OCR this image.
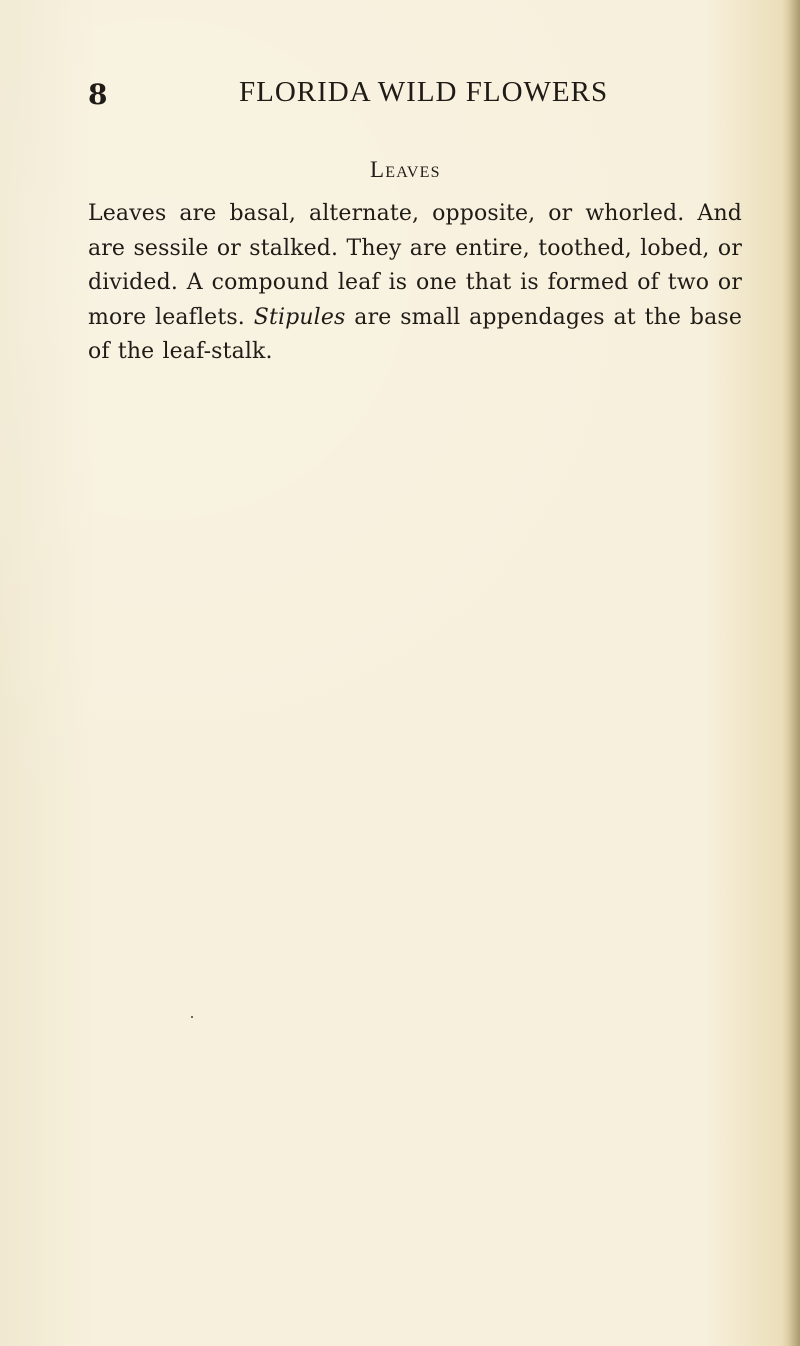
8	FLORIDA WILD FLOWERS
Leaves

Leaves are basal, alternate, opposite, or whorled. And are sessile or stalked. They are entire, toothed, lobed, or divided. A compound leaf is one that is formed of two or more leaflets. Stipules are small appendages at the base of the leaf-stalk.
